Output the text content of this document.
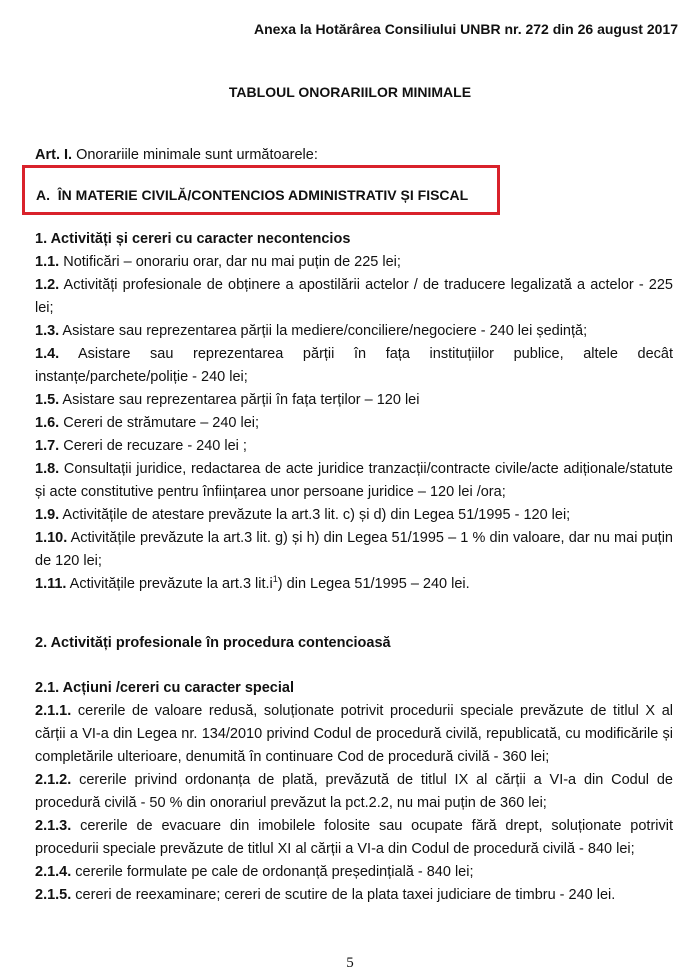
Anexa la Hotărârea Consiliului UNBR nr. 272 din 26 august 2017
TABLOUL ONORARIILOR MINIMALE
Art. I. Onorariile minimale sunt următoarele:
A. ÎN MATERIE CIVILĂ/CONTENCIOS ADMINISTRATIV ȘI FISCAL
1. Activități și cereri cu caracter necontencios
1.1. Notificări – onorariu orar, dar nu mai puțin de 225 lei;
1.2. Activități profesionale de obținere a apostilării actelor / de traducere legalizată a actelor - 225 lei;
1.3. Asistare sau reprezentarea părții la mediere/conciliere/negociere - 240 lei ședință;
1.4. Asistare sau reprezentarea părții în fața instituțiilor publice, altele decât instanțe/parchete/poliție - 240 lei;
1.5. Asistare sau reprezentarea părții în fața terților – 120 lei
1.6. Cereri de strămutare – 240 lei;
1.7. Cereri de recuzare - 240 lei ;
1.8. Consultații juridice, redactarea de acte juridice tranzacții/contracte civile/acte adiționale/statute și acte constitutive pentru înființarea unor persoane juridice – 120 lei /ora;
1.9. Activitățile de atestare prevăzute la art.3 lit. c) și d) din Legea 51/1995 - 120 lei;
1.10. Activitățile prevăzute la art.3 lit. g) și h) din Legea 51/1995 – 1 % din valoare, dar nu mai puțin de 120 lei;
1.11. Activitățile prevăzute la art.3 $lit.i^1$) din Legea 51/1995 – 240 lei.
2. Activități profesionale în procedura contencioasă
2.1. Acțiuni /cereri cu caracter special
2.1.1. cererile de valoare redusă, soluționate potrivit procedurii speciale prevăzute de titlul X al cărții a VI-a din Legea nr. 134/2010 privind Codul de procedură civilă, republicată, cu modificările și completările ulterioare, denumită în continuare Cod de procedură civilă - 360 lei;
2.1.2. cererile privind ordonanța de plată, prevăzută de titlul IX al cărții a VI-a din Codul de procedură civilă - 50 % din onorariul prevăzut la pct.2.2, nu mai puțin de 360 lei;
2.1.3. cererile de evacuare din imobilele folosite sau ocupate fără drept, soluționate potrivit procedurii speciale prevăzute de titlul XI al cărții a VI-a din Codul de procedură civilă - 840 lei;
2.1.4. cererile formulate pe cale de ordonanță președințială - 840 lei;
2.1.5. cereri de reexaminare; cereri de scutire de la plata taxei judiciare de timbru - 240 lei.
5
